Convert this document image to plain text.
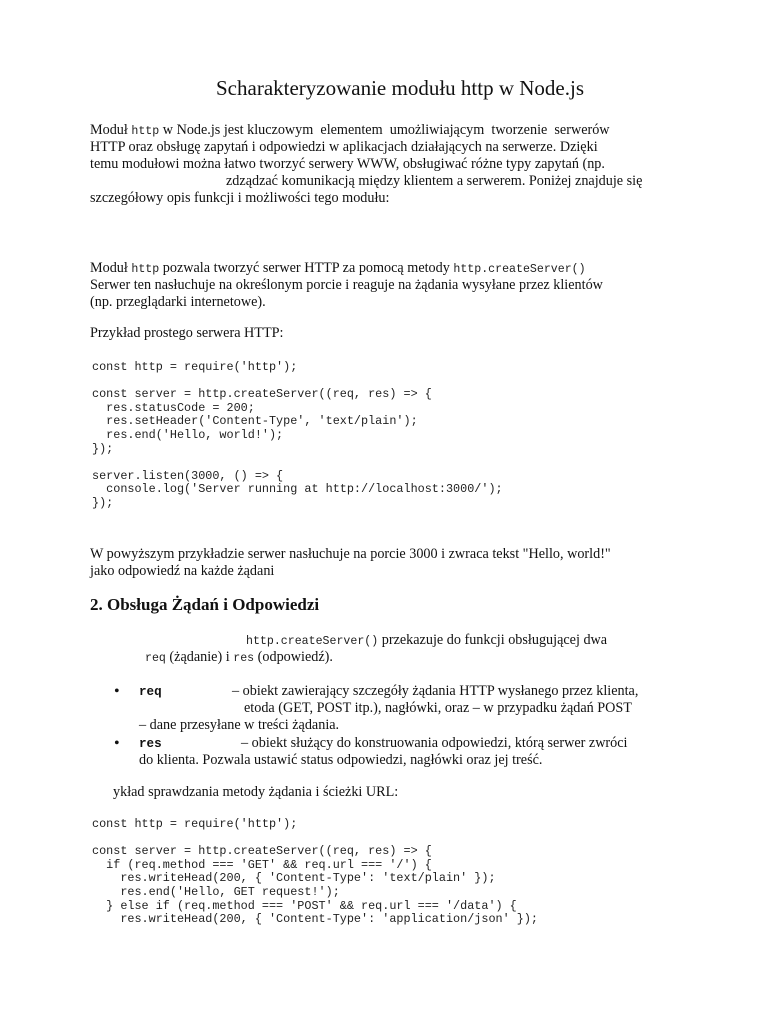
Scharakteryzowanie modułu http w Node.js
Moduł http w Node.js jest kluczowym  elementem  umożliwiającym  tworzenie  serwerów
HTTP oraz obsługę zapytań i odpowiedzi w aplikacjach działających na serwerze. Dzięki
temu modułowi można łatwo tworzyć serwery WWW, obsługiwać różne typy zapytań (np.
zdządzać komunikacją między klientem a serwerem. Poniżej znajduje się
szczegółowy opis funkcji i możliwości tego modułu:
Moduł http pozwala tworzyć serwer HTTP za pomocą metody http.createServer()
Serwer ten nasłuchuje na określonym porcie i reaguje na żądania wysyłane przez klientów
(np. przeglądarki internetowe).
Przykład prostego serwera HTTP:
const http = require('http');

const server = http.createServer((req, res) => {
res.statusCode = 200;
res.setHeader('Content-Type', 'text/plain');
res.end('Hello, world!');
});

server.listen(3000, () => {
console.log('Server running at http://localhost:3000/');
});
W powyższym przykładzie serwer nasłuchuje na porcie 3000 i zwraca tekst "Hello, world!"
jako odpowiedź na każde żądani
2. Obsługa Żądań i Odpowiedzi
http.createServer() przekazuje do funkcji obsługującej dwa
req (żądanie) i res (odpowiedź).
• req	– obiekt zawierający szczegóły żądania HTTP wysłanego przez klienta,
etoda (GET, POST itp.), nagłówki, oraz – w przypadku żądań POST
– dane przesyłane w treści żądania.
• res	– obiekt służący do konstruowania odpowiedzi, którą serwer zwróci
do klienta. Pozwala ustawić status odpowiedzi, nagłówki oraz jej treść.
ykład sprawdzania metody żądania i ścieżki URL:
const http = require('http');

const server = http.createServer((req, res) => {
if (req.method === 'GET' && req.url === '/') {
res.writeHead(200, { 'Content-Type': 'text/plain' });
res.end('Hello, GET request!');
} else if (req.method === 'POST' && req.url === '/data') {
res.writeHead(200, { 'Content-Type': 'application/json' });
